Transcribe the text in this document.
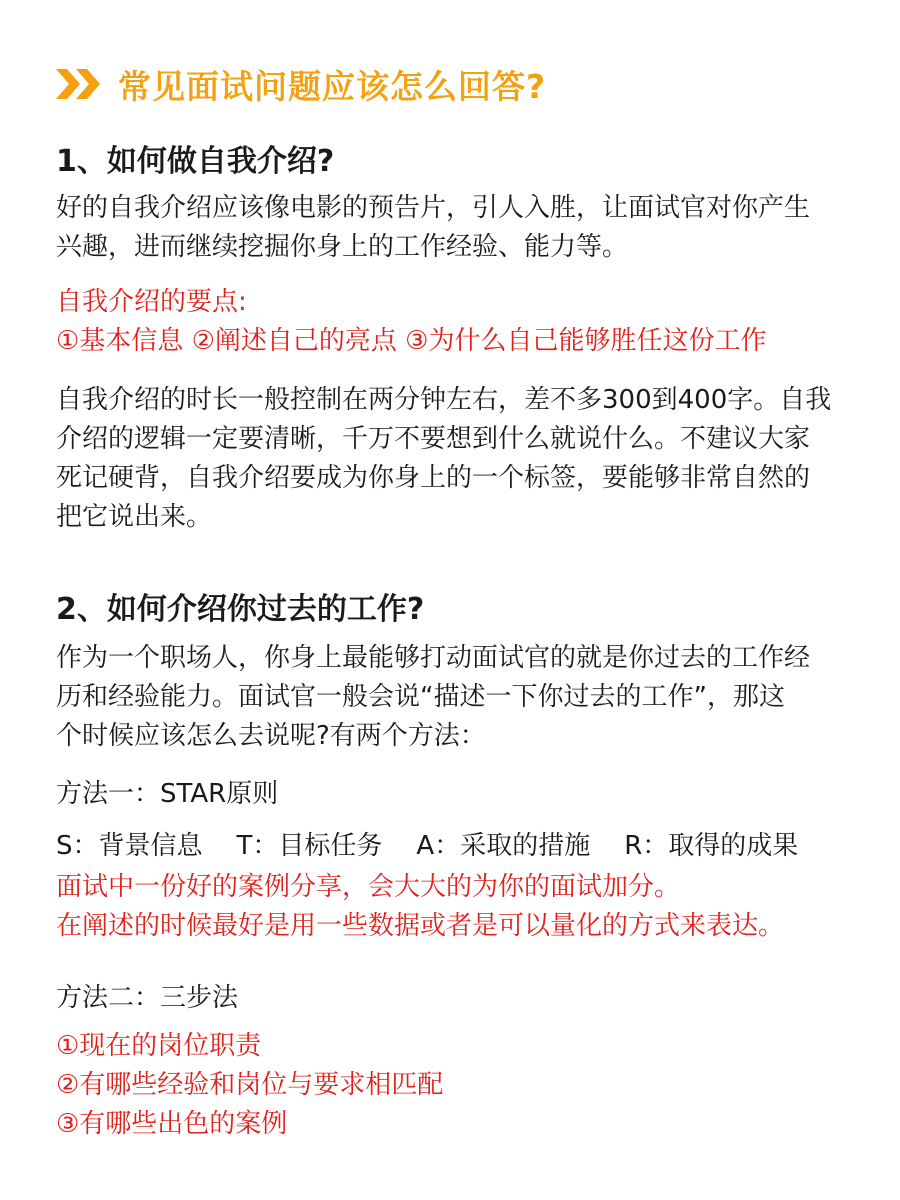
常见面试问题应该怎么回答?
1、如何做自我介绍?
好的自我介绍应该像电影的预告片，引人入胜，让面试官对你产生
兴趣，进而继续挖掘你身上的工作经验、能力等。
自我介绍的要点:
①基本信息 ②阐述自己的亮点 ③为什么自己能够胜任这份工作
自我介绍的时长一般控制在两分钟左右，差不多300到400字。自我
介绍的逻辑一定要清晰，千万不要想到什么就说什么。不建议大家
死记硬背，自我介绍要成为你身上的一个标签，要能够非常自然的
把它说出来。
2、如何介绍你过去的工作?
作为一个职场人，你身上最能够打动面试官的就是你过去的工作经
历和经验能力。面试官一般会说“描述一下你过去的工作”，那这
个时候应该怎么去说呢?有两个方法：
方法一：STAR原则
S：背景信息 T：目标任务 A：采取的措施 R：取得的成果
面试中一份好的案例分享，会大大的为你的面试加分。
在阐述的时候最好是用一些数据或者是可以量化的方式来表达。
方法二：三步法
①现在的岗位职责
②有哪些经验和岗位与要求相匹配
③有哪些出色的案例
